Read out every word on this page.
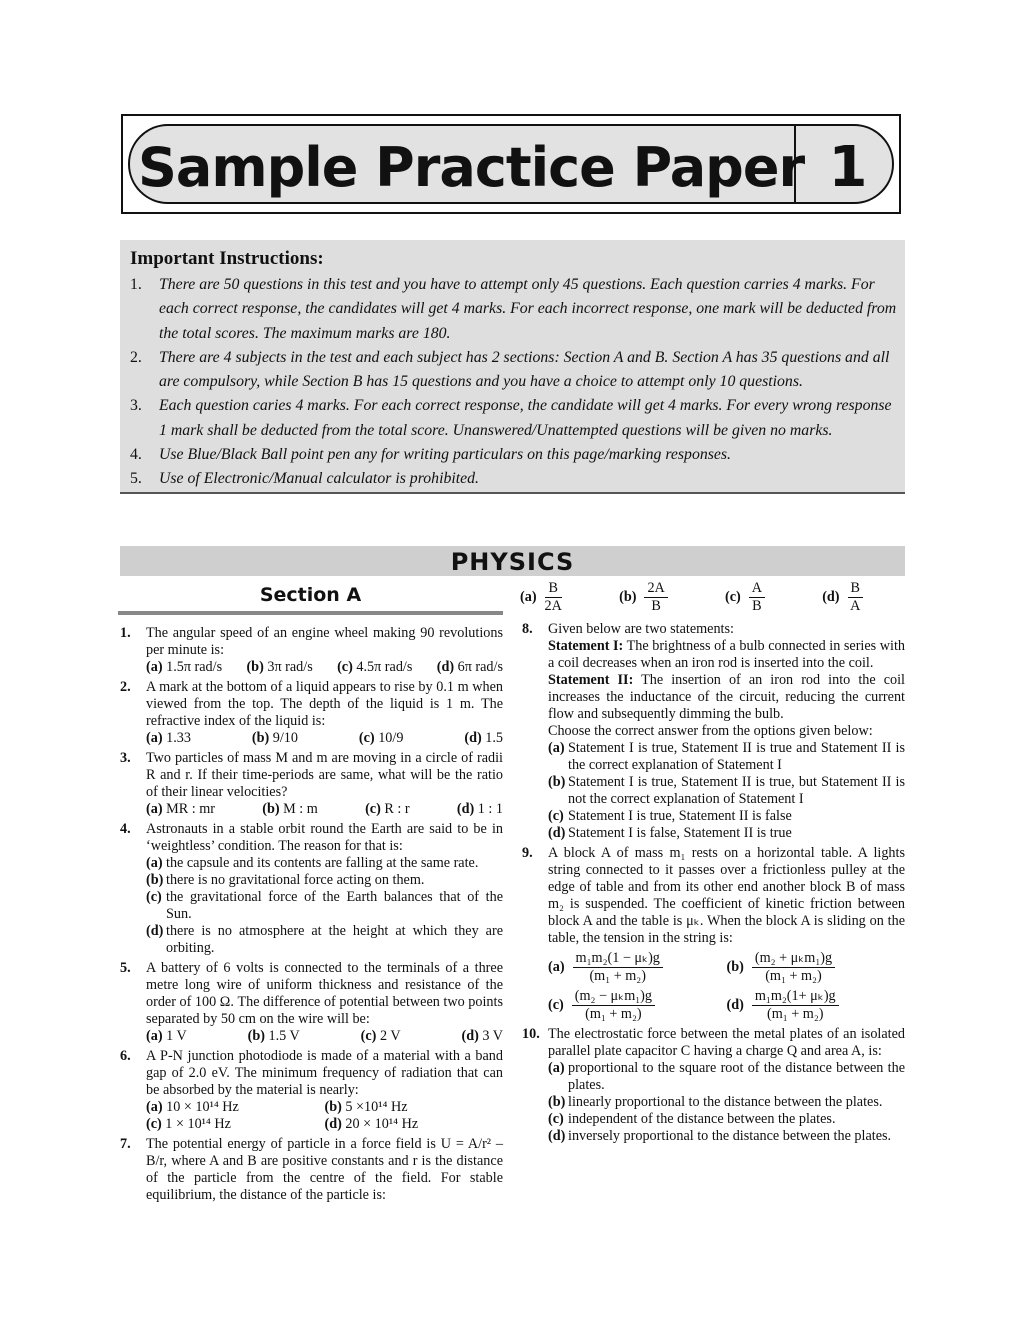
Sample Practice Paper 1
Important Instructions:
1. There are 50 questions in this test and you have to attempt only 45 questions. Each question carries 4 marks. For each correct response, the candidates will get 4 marks. For each incorrect response, one mark will be deducted from the total scores. The maximum marks are 180.
2. There are 4 subjects in the test and each subject has 2 sections: Section A and B. Section A has 35 questions and all are compulsory, while Section B has 15 questions and you have a choice to attempt only 10 questions.
3. Each question caries 4 marks. For each correct response, the candidate will get 4 marks. For every wrong response 1 mark shall be deducted from the total score. Unanswered/Unattempted questions will be given no marks.
4. Use Blue/Black Ball point pen any for writing particulars on this page/marking responses.
5. Use of Electronic/Manual calculator is prohibited.
PHYSICS
Section A
1. The angular speed of an engine wheel making 90 revolutions per minute is:
(a) 1.5π rad/s (b) 3π rad/s (c) 4.5π rad/s (d) 6π rad/s
2. A mark at the bottom of a liquid appears to rise by 0.1 m when viewed from the top. The depth of the liquid is 1 m. The refractive index of the liquid is:
(a) 1.33	(b) 9/10	(c) 10/9	(d) 1.5
3. Two particles of mass M and m are moving in a circle of radii R and r. If their time-periods are same, what will be the ratio of their linear velocities?
(a) MR : mr	(b) M : m	(c) R : r	(d) 1 : 1
4. Astronauts in a stable orbit round the Earth are said to be in ‘weightless’ condition. The reason for that is:
(a) the capsule and its contents are falling at the same rate.
(b) there is no gravitational force acting on them.
(c) the gravitational force of the Earth balances that of the Sun.
(d) there is no atmosphere at the height at which they are orbiting.
5. A battery of 6 volts is connected to the terminals of a three metre long wire of uniform thickness and resistance of the order of 100 Ω. The difference of potential between two points separated by 50 cm on the wire will be:
(a) 1 V	(b) 1.5 V	(c) 2 V	(d) 3 V
6. A P-N junction photodiode is made of a material with a band gap of 2.0 eV. The minimum frequency of radiation that can be absorbed by the material is nearly:
(a) 10 × 10¹⁴ Hz	(b) 5 ×10¹⁴ Hz
(c) 1 × 10¹⁴ Hz	(d) 20 × 10¹⁴ Hz
7. The potential energy of particle in a force field is U = A/r² – B/r, where A and B are positive constants and r is the distance of the particle from the centre of the field. For stable equilibrium, the distance of the particle is:
$(a) \frac{B}{2A}$	$(b) \frac{2A}{B}$	$(c) \frac{A}{B}$	$(d) \frac{B}{A}$
8. Given below are two statements:
Statement I: The brightness of a bulb connected in series with a coil decreases when an iron rod is inserted into the coil.
Statement II: The insertion of an iron rod into the coil increases the inductance of the circuit, reducing the current flow and subsequently dimming the bulb.
Choose the correct answer from the options given below:
(a) Statement I is true, Statement II is true and Statement II is the correct explanation of Statement I
(b) Statement I is true, Statement II is true, but Statement II is not the correct explanation of Statement I
(c) Statement I is true, Statement II is false
(d) Statement I is false, Statement II is true
9. A block A of mass m₁ rests on a horizontal table. A lights string connected to it passes over a frictionless pulley at the edge of table and from its other end another block B of mass m₂ is suspended. The coefficient of kinetic friction between block A and the table is μₖ. When the block A is sliding on the table, the tension in the string is:
$(a) \frac{\text{m₁m₂(1 − μₖ)g}}{\text{(m₁ + m₂)}}$	$(b) \frac{\text{(m₂ + μₖm₁)g}}{\text{(m₁ + m₂)}}$
$(c) \frac{\text{(m₂ − μₖm₁)g}}{\text{(m₁ + m₂)}}$	$(d) \frac{\text{m₁m₂(1+ μₖ)g}}{\text{(m₁ + m₂)}}$
10. The electrostatic force between the metal plates of an isolated parallel plate capacitor C having a charge Q and area A, is:
(a) proportional to the square root of the distance between the plates.
(b) linearly proportional to the distance between the plates.
(c) independent of the distance between the plates.
(d) inversely proportional to the distance between the plates.
